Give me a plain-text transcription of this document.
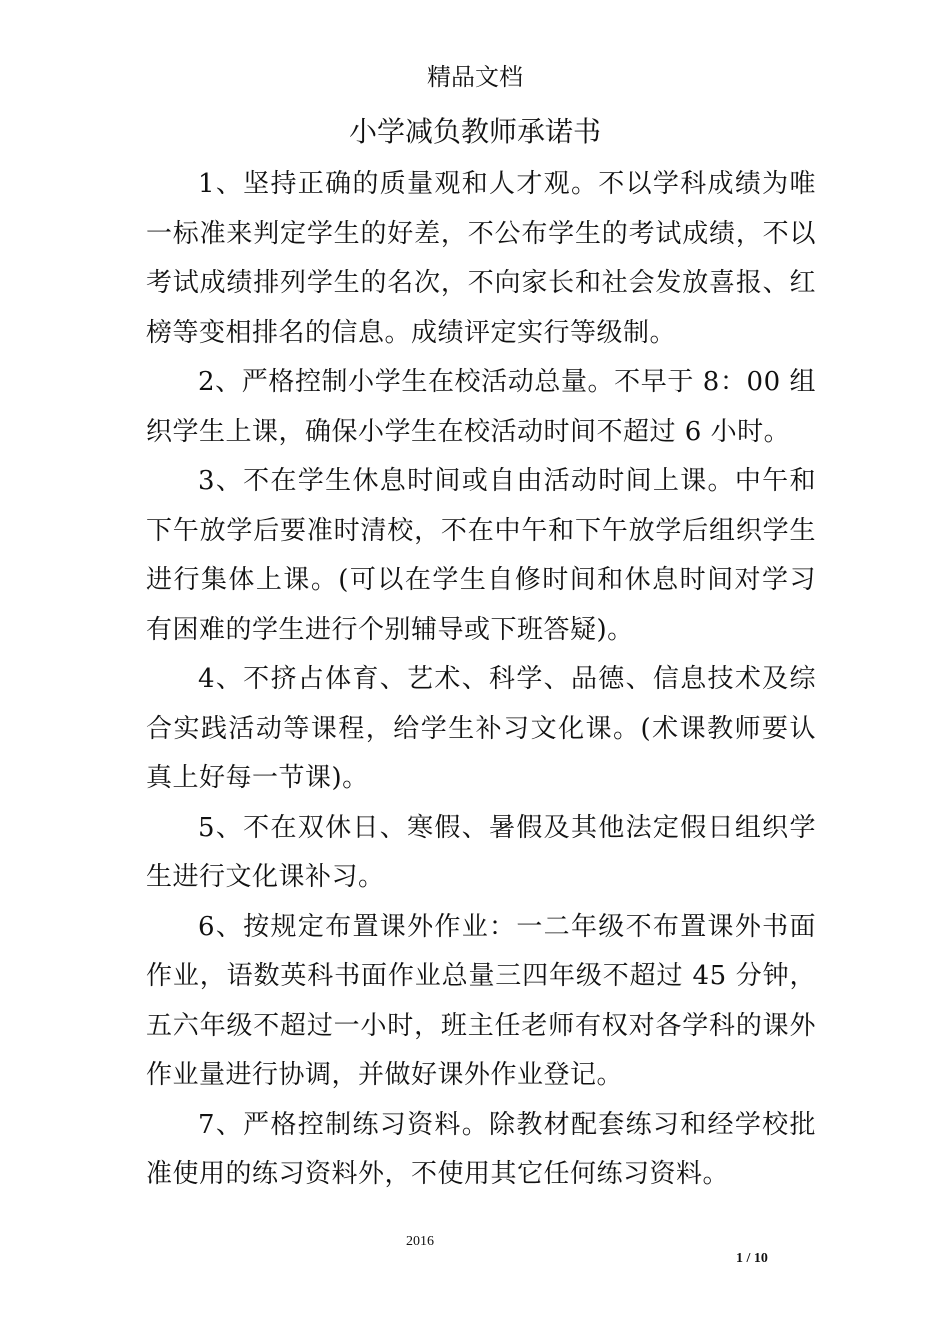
精品文档
小学减负教师承诺书

1、坚持正确的质量观和人才观。不以学科成绩为唯一标准来判定学生的好差，不公布学生的考试成绩，不以考试成绩排列学生的名次，不向家长和社会发放喜报、红榜等变相排名的信息。成绩评定实行等级制。

2、严格控制小学生在校活动总量。不早于 8：00 组织学生上课，确保小学生在校活动时间不超过 6 小时。

3、不在学生休息时间或自由活动时间上课。中午和下午放学后要准时清校，不在中午和下午放学后组织学生进行集体上课。(可以在学生自修时间和休息时间对学习有困难的学生进行个别辅导或下班答疑)。

4、不挤占体育、艺术、科学、品德、信息技术及综合实践活动等课程，给学生补习文化课。(术课教师要认真上好每一节课)。

5、不在双休日、寒假、暑假及其他法定假日组织学生进行文化课补习。

6、按规定布置课外作业：一二年级不布置课外书面作业，语数英科书面作业总量三四年级不超过 45 分钟，五六年级不超过一小时，班主任老师有权对各学科的课外作业量进行协调，并做好课外作业登记。

7、严格控制练习资料。除教材配套练习和经学校批准使用的练习资料外，不使用其它任何练习资料。

2016
1 / 10
